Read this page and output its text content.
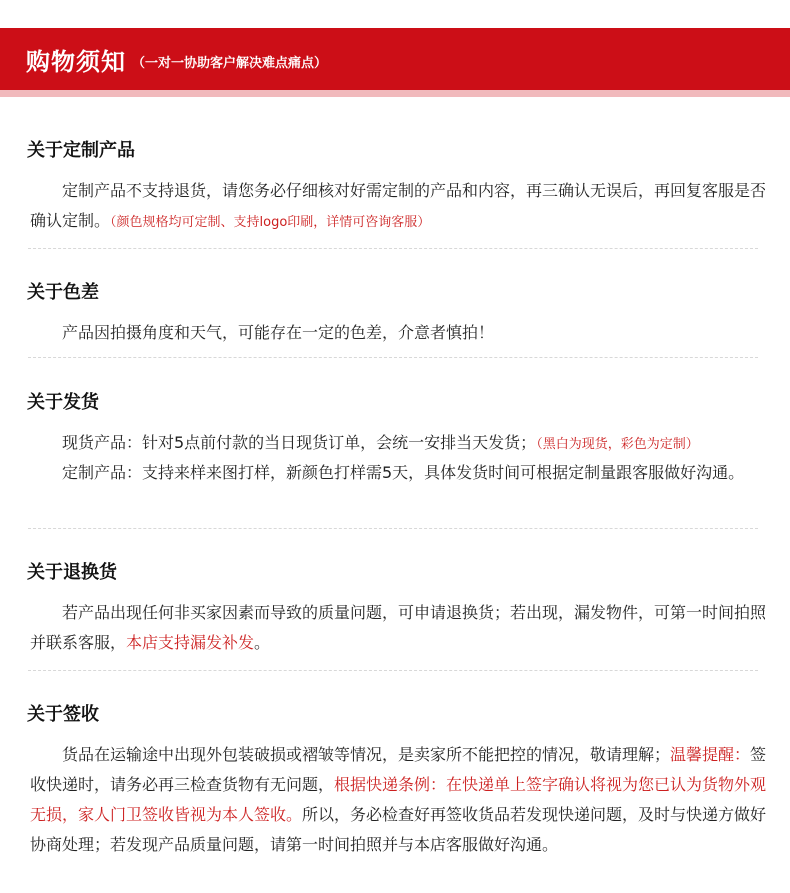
购物须知 （一对一协助客户解决难点痛点）
关于定制产品
定制产品不支持退货，请您务必仔细核对好需定制的产品和内容，再三确认无误后，再回复客服是否确认定制。（颜色规格均可定制、支持logo印刷，详情可咨询客服）
关于色差
产品因拍摄角度和天气，可能存在一定的色差，介意者慎拍！
关于发货
现货产品：针对5点前付款的当日现货订单，会统一安排当天发货；（黑白为现货，彩色为定制）
定制产品：支持来样来图打样，新颜色打样需5天，具体发货时间可根据定制量跟客服做好沟通。
关于退换货
若产品出现任何非买家因素而导致的质量问题，可申请退换货；若出现，漏发物件，可第一时间拍照并联系客服，本店支持漏发补发。
关于签收
货品在运输途中出现外包装破损或褶皱等情况，是卖家所不能把控的情况，敬请理解；温馨提醒：签收快递时，请务必再三检查货物有无问题，根据快递条例：在快递单上签字确认将视为您已认为货物外观无损，家人门卫签收皆视为本人签收。所以，务必检查好再签收货品若发现快递问题，及时与快递方做好协商处理；若发现产品质量问题，请第一时间拍照并与本店客服做好沟通。
